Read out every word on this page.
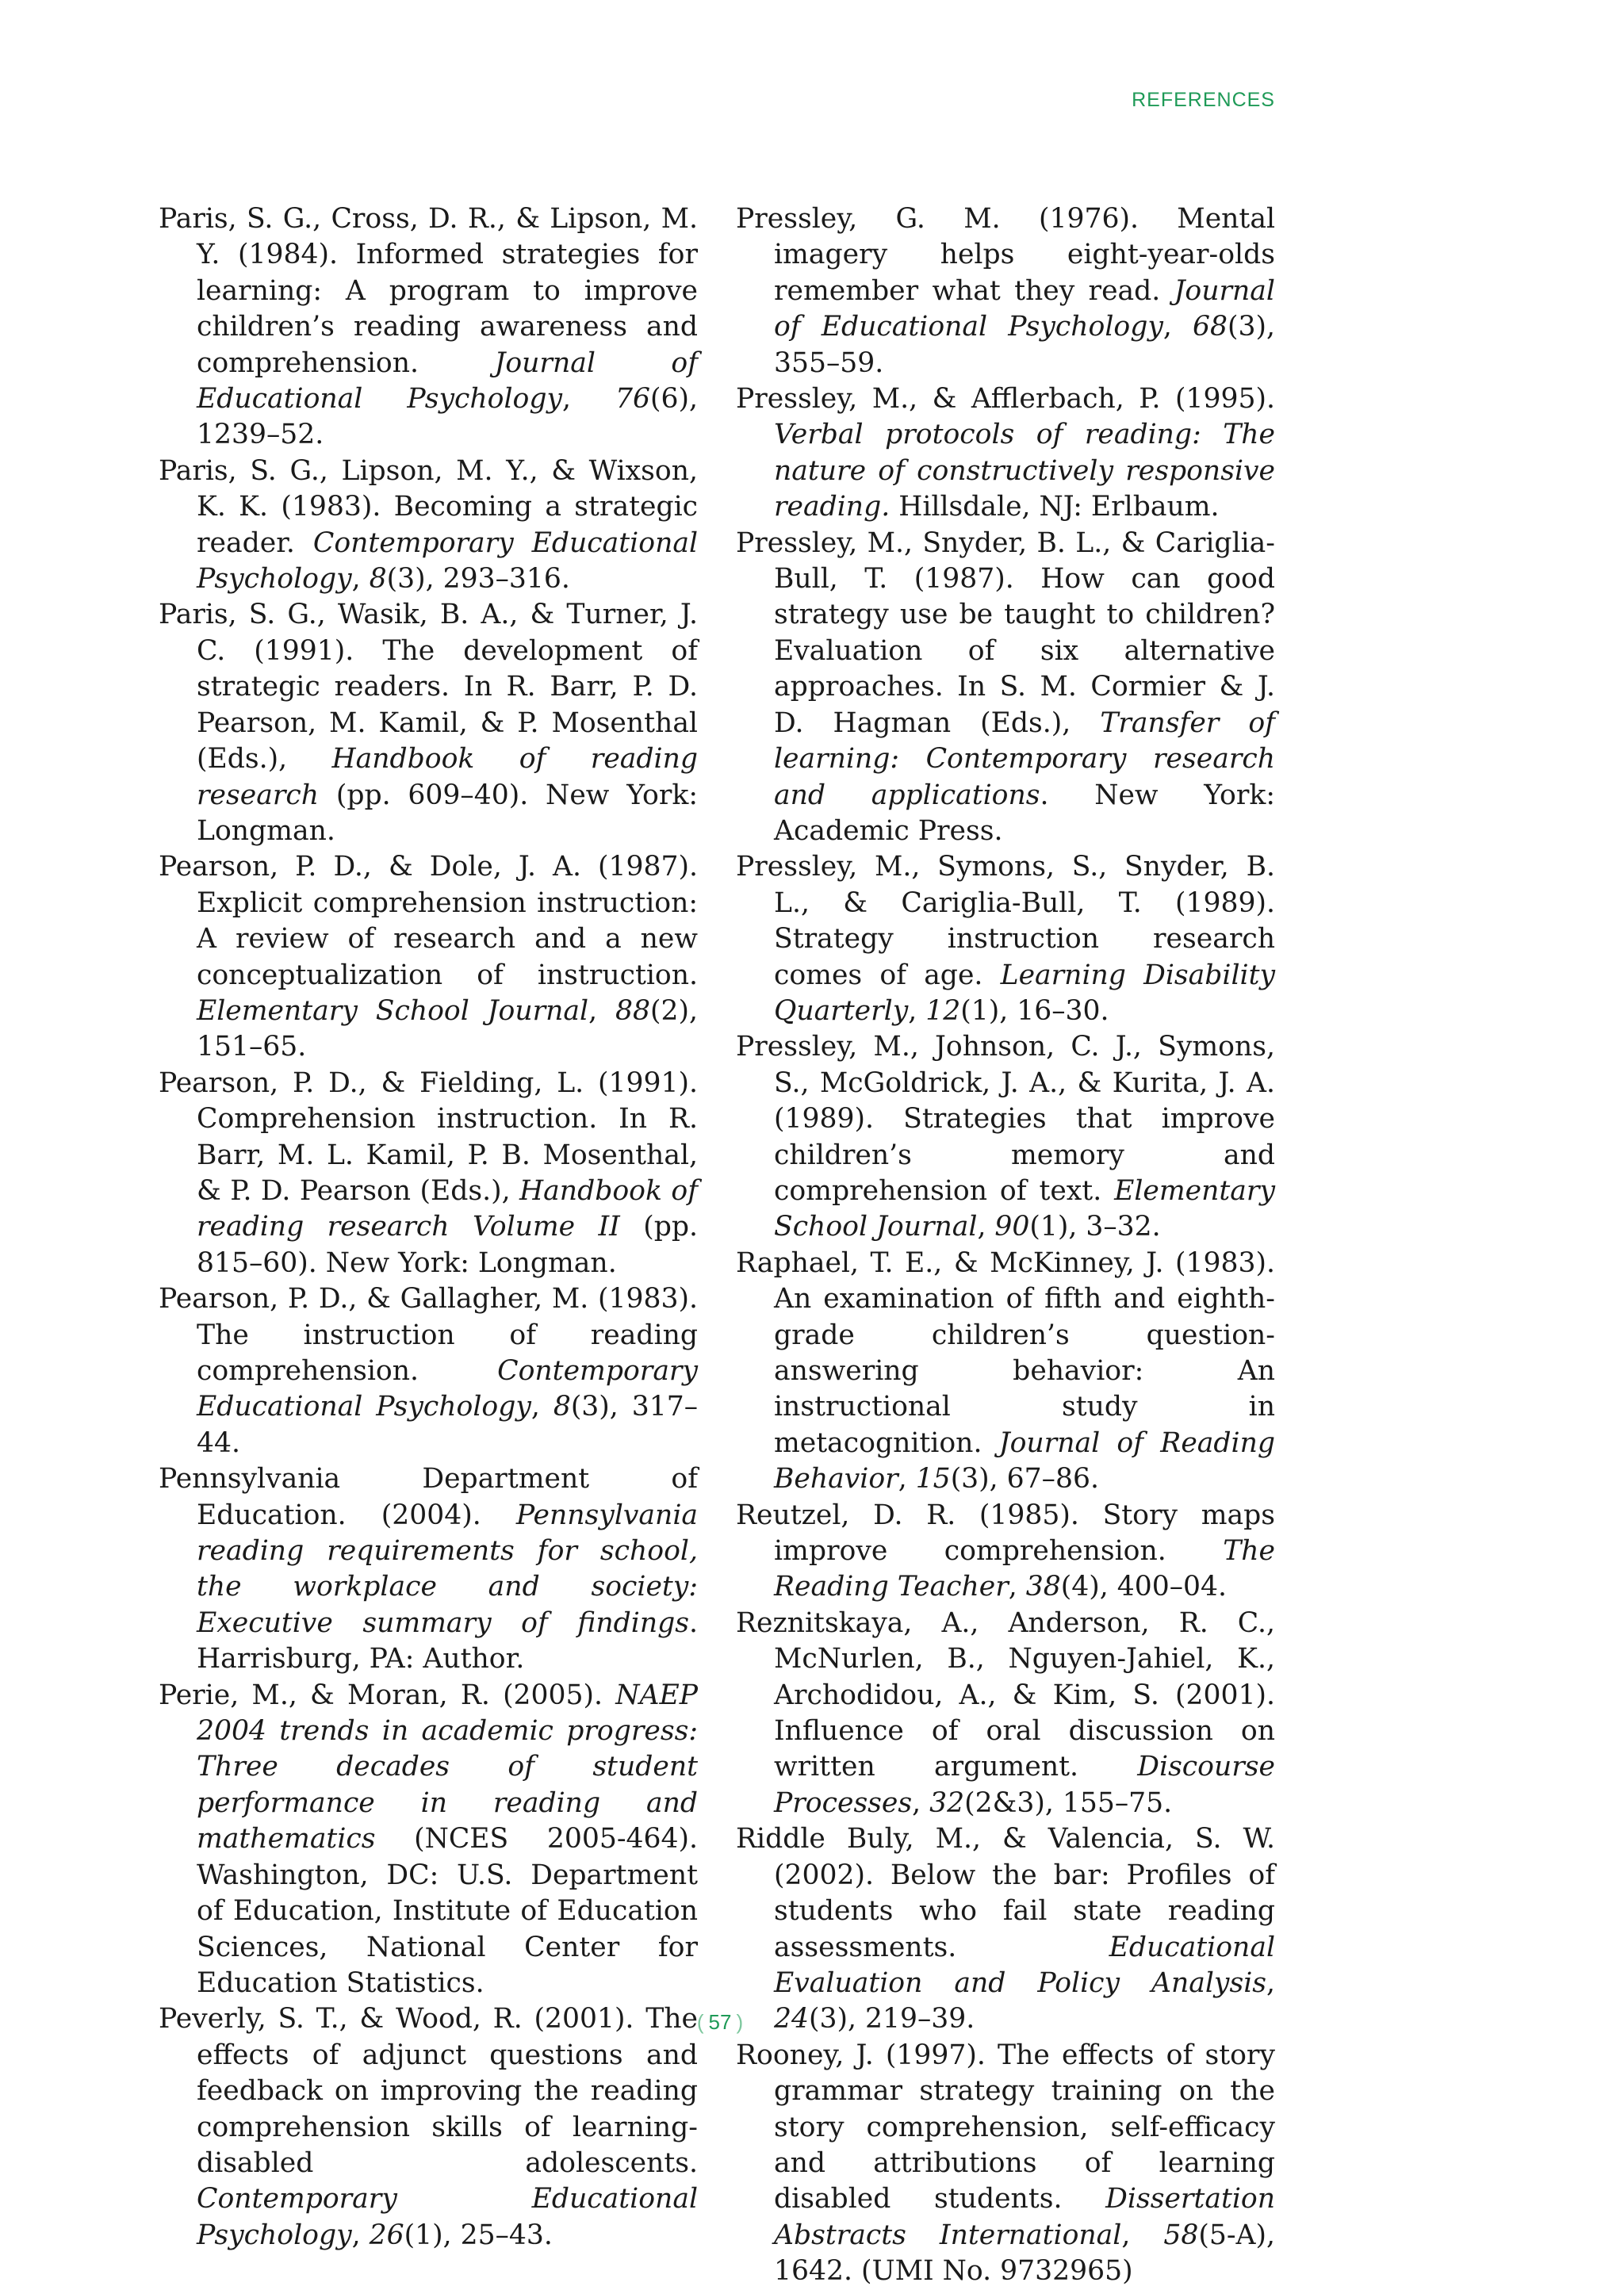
REFERENCES

Paris, S. G., Cross, D. R., & Lipson, M. Y. (1984). Informed strategies for learning: A program to improve children’s reading awareness and comprehension. Journal of Educational Psychology, 76(6), 1239–52.

Paris, S. G., Lipson, M. Y., & Wixson, K. K. (1983). Becoming a strategic reader. Contemporary Educational Psychology, 8(3), 293–316.

Paris, S. G., Wasik, B. A., & Turner, J. C. (1991). The development of strategic readers. In R. Barr, P. D. Pearson, M. Kamil, & P. Mosenthal (Eds.), Handbook of reading research (pp. 609–40). New York: Longman.

Pearson, P. D., & Dole, J. A. (1987). Explicit comprehension instruction: A review of research and a new conceptualization of instruction. Elementary School Journal, 88(2), 151–65.

Pearson, P. D., & Fielding, L. (1991). Comprehension instruction. In R. Barr, M. L. Kamil, P. B. Mosenthal, & P. D. Pearson (Eds.), Handbook of reading research Volume II (pp. 815–60). New York: Longman.

Pearson, P. D., & Gallagher, M. (1983). The instruction of reading comprehension. Contemporary Educational Psychology, 8(3), 317–44.

Pennsylvania Department of Education. (2004). Pennsylvania reading requirements for school, the workplace and society: Executive summary of findings. Harrisburg, PA: Author.

Perie, M., & Moran, R. (2005). NAEP 2004 trends in academic progress: Three decades of student performance in reading and mathematics (NCES 2005-464). Washington, DC: U.S. Department of Education, Institute of Education Sciences, National Center for Education Statistics.

Peverly, S. T., & Wood, R. (2001). The effects of adjunct questions and feedback on improving the reading comprehension skills of learning-disabled adolescents. Contemporary Educational Psychology, 26(1), 25–43.

Pressley, G. M. (1976). Mental imagery helps eight-year-olds remember what they read. Journal of Educational Psychology, 68(3), 355–59.

Pressley, M., & Afflerbach, P. (1995). Verbal protocols of reading: The nature of constructively responsive reading. Hillsdale, NJ: Erlbaum.

Pressley, M., Snyder, B. L., & Cariglia-Bull, T. (1987). How can good strategy use be taught to children? Evaluation of six alternative approaches. In S. M. Cormier & J. D. Hagman (Eds.), Transfer of learning: Contemporary research and applications. New York: Academic Press.

Pressley, M., Symons, S., Snyder, B. L., & Cariglia-Bull, T. (1989). Strategy instruction research comes of age. Learning Disability Quarterly, 12(1), 16–30.

Pressley, M., Johnson, C. J., Symons, S., McGoldrick, J. A., & Kurita, J. A. (1989). Strategies that improve children’s memory and comprehension of text. Elementary School Journal, 90(1), 3–32.

Raphael, T. E., & McKinney, J. (1983). An examination of fifth and eighth-grade children’s question-answering behavior: An instructional study in metacognition. Journal of Reading Behavior, 15(3), 67–86.

Reutzel, D. R. (1985). Story maps improve comprehension. The Reading Teacher, 38(4), 400–04.

Reznitskaya, A., Anderson, R. C., McNurlen, B., Nguyen-Jahiel, K., Archodidou, A., & Kim, S. (2001). Influence of oral discussion on written argument. Discourse Processes, 32(2&3), 155–75.

Riddle Buly, M., & Valencia, S. W. (2002). Below the bar: Profiles of students who fail state reading assessments. Educational Evaluation and Policy Analysis, 24(3), 219–39.

Rooney, J. (1997). The effects of story grammar strategy training on the story comprehension, self-efficacy and attributions of learning disabled students. Dissertation Abstracts International, 58(5-A), 1642. (UMI No. 9732965)

( 57 )
